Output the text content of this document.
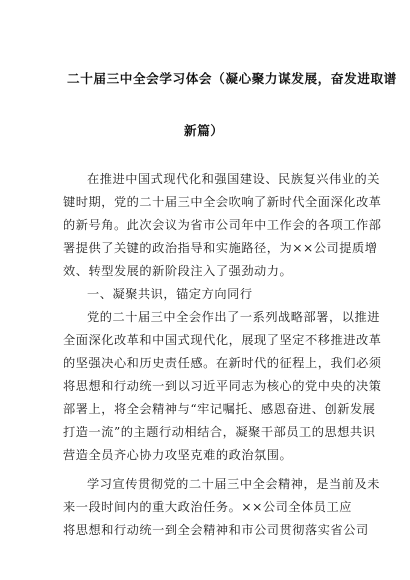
二十届三中全会学习体会（凝心聚力谋发展，奋发进取谱
新篇）
在推进中国式现代化和强国建设、民族复兴伟业的关
键时期，党的二十届三中全会吹响了新时代全面深化改革
的新号角。此次会议为省市公司年中工作会的各项工作部
署提供了关键的政治指导和实施路径，为××公司提质增
效、转型发展的新阶段注入了强劲动力。
一、凝聚共识，锚定方向同行
党的二十届三中全会作出了一系列战略部署，以推进
全面深化改革和中国式现代化，展现了坚定不移推进改革
的坚强决心和历史责任感。在新时代的征程上，我们必须
将思想和行动统一到以习近平同志为核心的党中央的决策
部署上，将全会精神与“牢记嘱托、感恩奋进、创新发展
打造一流”的主题行动相结合，凝聚干部员工的思想共识
营造全员齐心协力攻坚克难的政治氛围。
学习宣传贯彻党的二十届三中全会精神，是当前及未
来一段时间内的重大政治任务。××公司全体员工应
将思想和行动统一到全会精神和市公司贯彻落实省公司
